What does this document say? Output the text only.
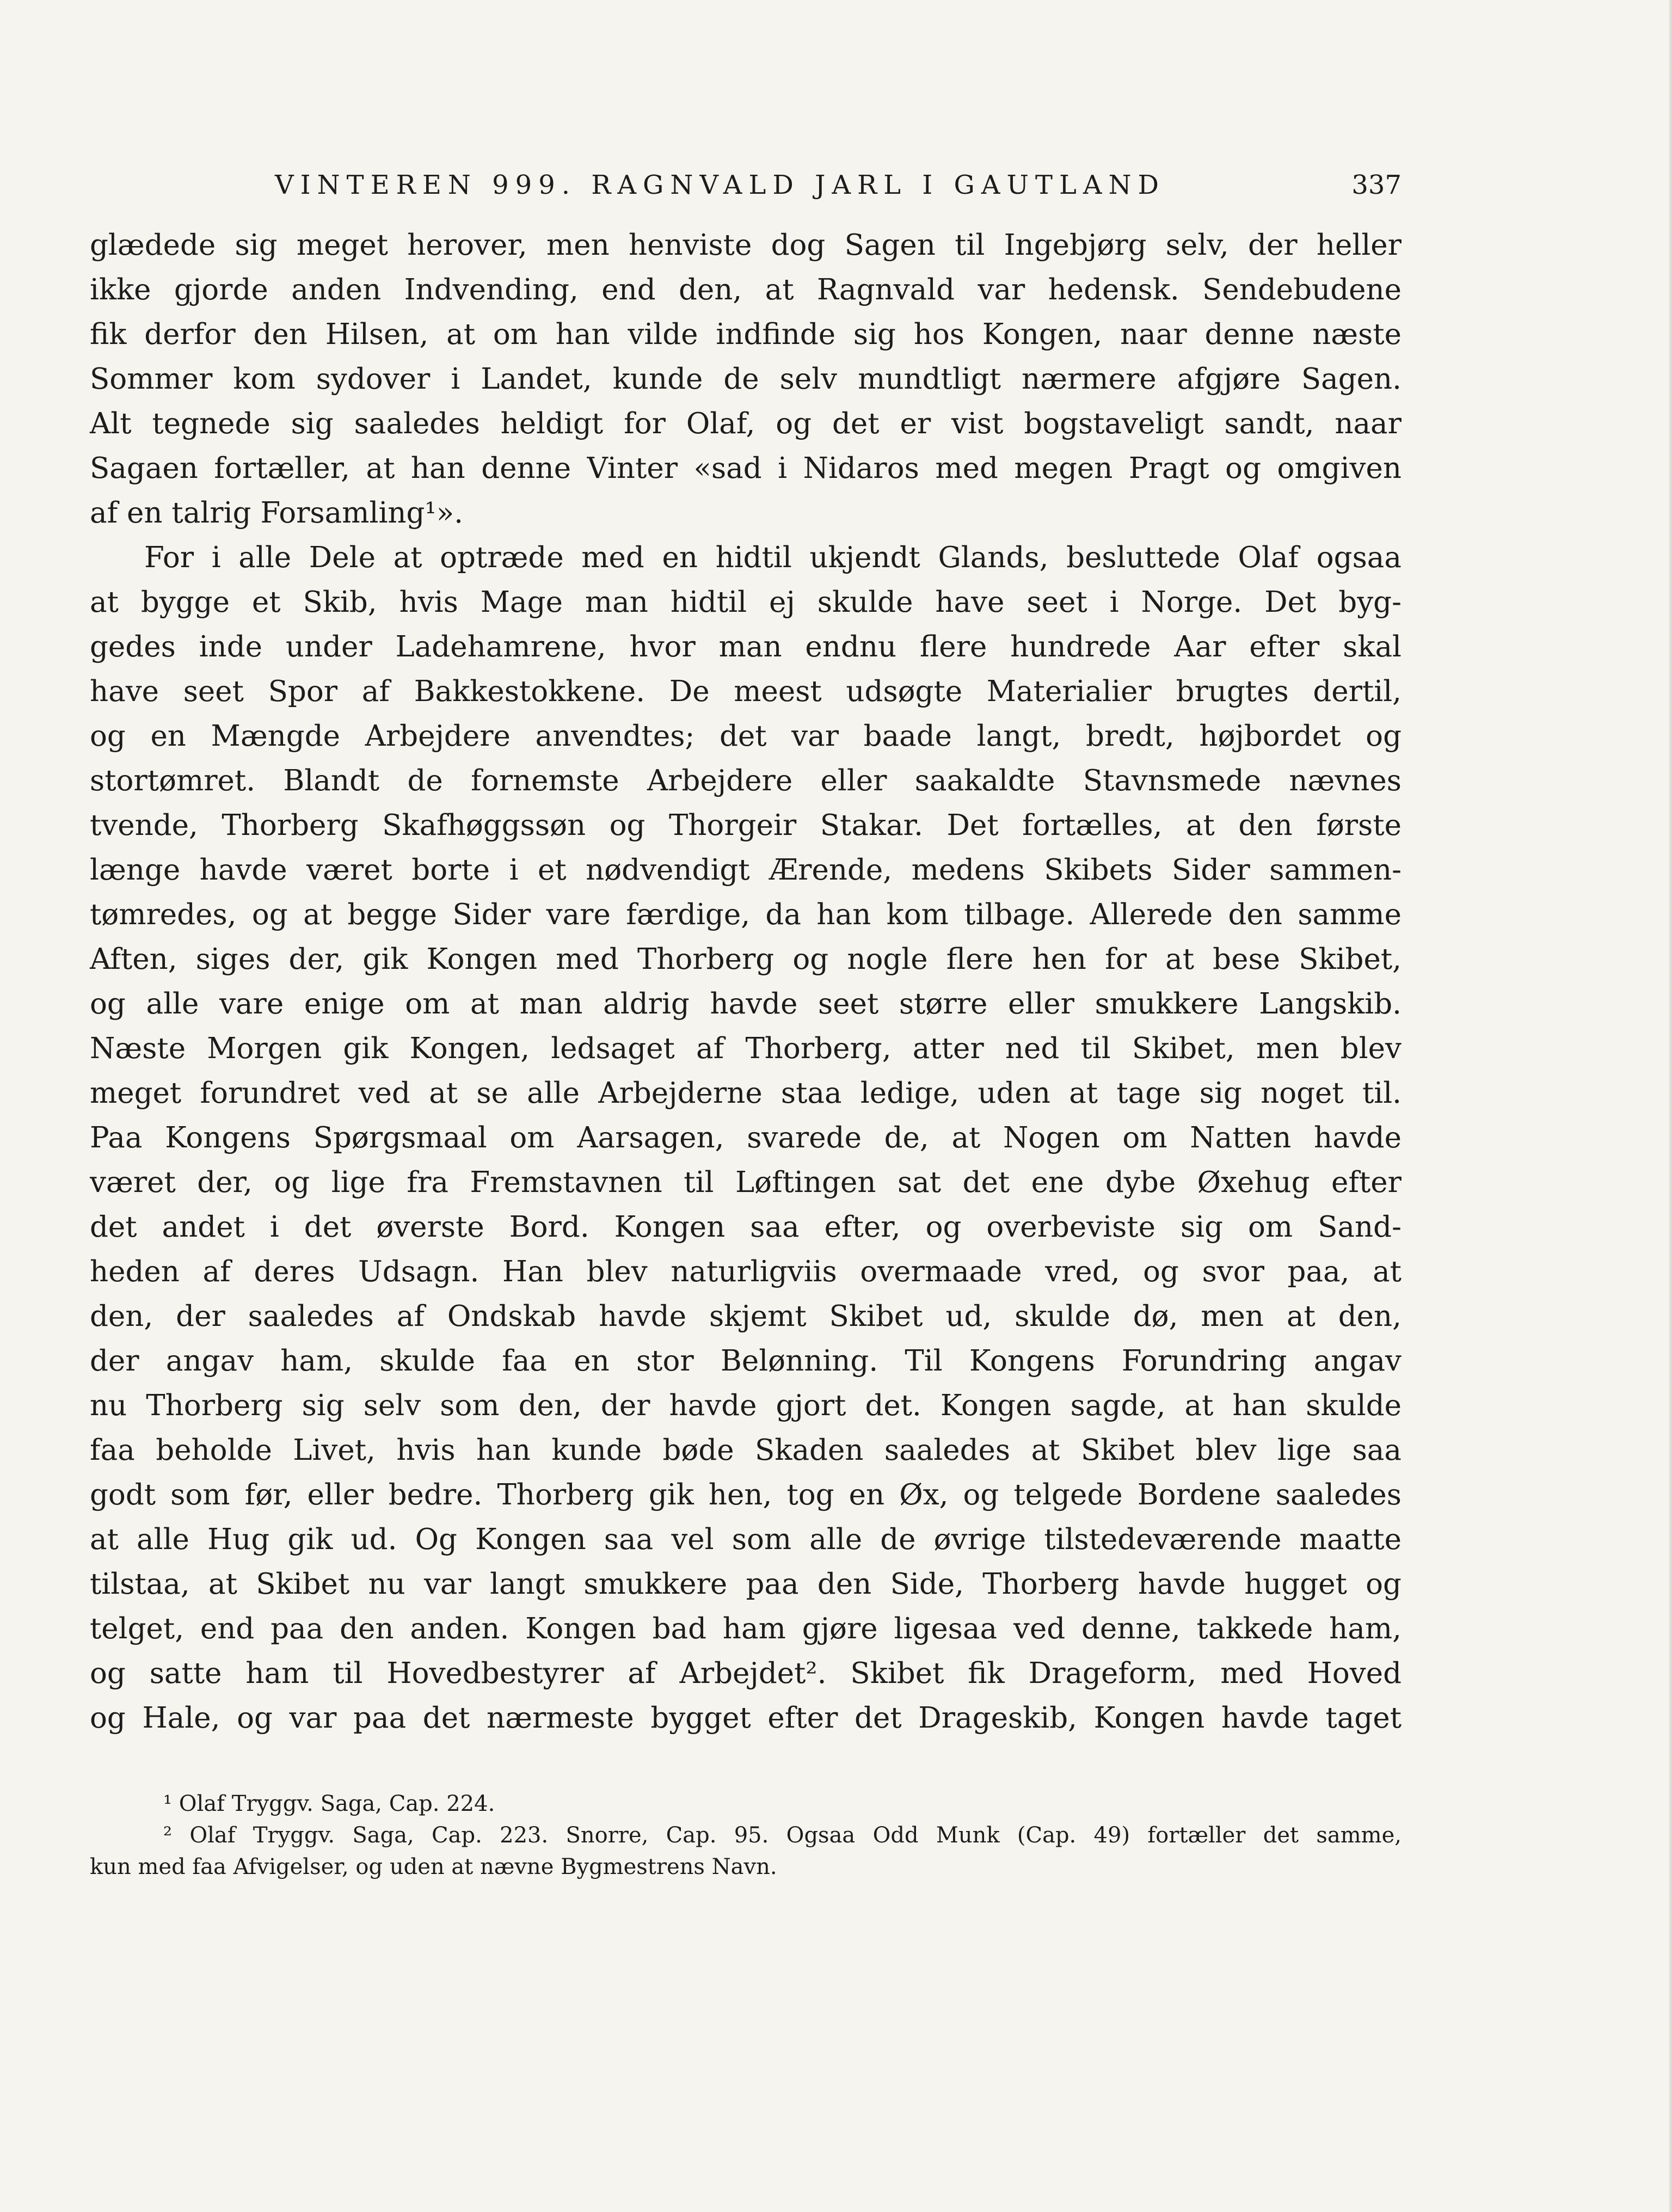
VINTEREN 999. RAGNVALD JARL I GAUTLAND	337
glædede sig meget herover, men henviste dog Sagen til Ingebjørg selv, der heller
ikke gjorde anden Indvending, end den, at Ragnvald var hedensk. Sendebudene
fik derfor den Hilsen, at om han vilde indfinde sig hos Kongen, naar denne næste
Sommer kom sydover i Landet, kunde de selv mundtligt nærmere afgjøre Sagen.
Alt tegnede sig saaledes heldigt for Olaf, og det er vist bogstaveligt sandt, naar
Sagaen fortæller, at han denne Vinter «sad i Nidaros med megen Pragt og omgiven
af en talrig Forsamling¹».
For i alle Dele at optræde med en hidtil ukjendt Glands, besluttede Olaf ogsaa
at bygge et Skib, hvis Mage man hidtil ej skulde have seet i Norge. Det byg-
gedes inde under Ladehamrene, hvor man endnu flere hundrede Aar efter skal
have seet Spor af Bakkestokkene. De meest udsøgte Materialier brugtes dertil,
og en Mængde Arbejdere anvendtes; det var baade langt, bredt, højbordet og
stortømret. Blandt de fornemste Arbejdere eller saakaldte Stavnsmede nævnes
tvende, Thorberg Skafhøggssøn og Thorgeir Stakar. Det fortælles, at den første
længe havde været borte i et nødvendigt Ærende, medens Skibets Sider sammen-
tømredes, og at begge Sider vare færdige, da han kom tilbage. Allerede den samme
Aften, siges der, gik Kongen med Thorberg og nogle flere hen for at bese Skibet,
og alle vare enige om at man aldrig havde seet større eller smukkere Langskib.
Næste Morgen gik Kongen, ledsaget af Thorberg, atter ned til Skibet, men blev
meget forundret ved at se alle Arbejderne staa ledige, uden at tage sig noget til.
Paa Kongens Spørgsmaal om Aarsagen, svarede de, at Nogen om Natten havde
været der, og lige fra Fremstavnen til Løftingen sat det ene dybe Øxehug efter
det andet i det øverste Bord. Kongen saa efter, og overbeviste sig om Sand-
heden af deres Udsagn. Han blev naturligviis overmaade vred, og svor paa, at
den, der saaledes af Ondskab havde skjemt Skibet ud, skulde dø, men at den,
der angav ham, skulde faa en stor Belønning. Til Kongens Forundring angav
nu Thorberg sig selv som den, der havde gjort det. Kongen sagde, at han skulde
faa beholde Livet, hvis han kunde bøde Skaden saaledes at Skibet blev lige saa
godt som før, eller bedre. Thorberg gik hen, tog en Øx, og telgede Bordene saaledes
at alle Hug gik ud. Og Kongen saa vel som alle de øvrige tilstedeværende maatte
tilstaa, at Skibet nu var langt smukkere paa den Side, Thorberg havde hugget og
telget, end paa den anden. Kongen bad ham gjøre ligesaa ved denne, takkede ham,
og satte ham til Hovedbestyrer af Arbejdet². Skibet fik Drageform, med Hoved
og Hale, og var paa det nærmeste bygget efter det Drageskib, Kongen havde taget
¹ Olaf Tryggv. Saga, Cap. 224.
² Olaf Tryggv. Saga, Cap. 223. Snorre, Cap. 95. Ogsaa Odd Munk (Cap. 49) fortæller det samme,
kun med faa Afvigelser, og uden at nævne Bygmestrens Navn.
